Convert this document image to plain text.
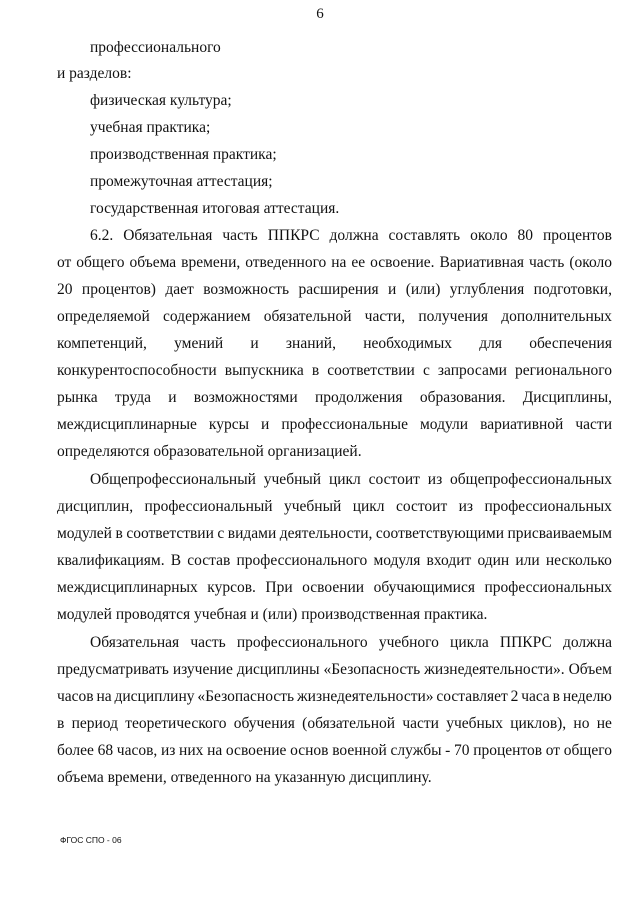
6
профессионального
и разделов:
физическая культура;
учебная практика;
производственная практика;
промежуточная аттестация;
государственная итоговая аттестация.
6.2. Обязательная часть ППКРС должна составлять около 80 процентов
от общего объема времени, отведенного на ее освоение. Вариативная часть (около
20 процентов) дает возможность расширения и (или) углубления подготовки,
определяемой содержанием обязательной части, получения дополнительных
компетенций, умений и знаний, необходимых для обеспечения
конкурентоспособности выпускника в соответствии с запросами регионального
рынка труда и возможностями продолжения образования. Дисциплины,
междисциплинарные курсы и профессиональные модули вариативной части
определяются образовательной организацией.
Общепрофессиональный учебный цикл состоит из общепрофессиональных
дисциплин, профессиональный учебный цикл состоит из профессиональных
модулей в соответствии с видами деятельности, соответствующими присваиваемым
квалификациям. В состав профессионального модуля входит один или несколько
междисциплинарных курсов. При освоении обучающимися профессиональных
модулей проводятся учебная и (или) производственная практика.
Обязательная часть профессионального учебного цикла ППКРС должна
предусматривать изучение дисциплины «Безопасность жизнедеятельности». Объем
часов на дисциплину «Безопасность жизнедеятельности» составляет 2 часа в неделю
в период теоретического обучения (обязательной части учебных циклов), но не
более 68 часов, из них на освоение основ военной службы - 70 процентов от общего
объема времени, отведенного на указанную дисциплину.
ФГОС СПО - 06
